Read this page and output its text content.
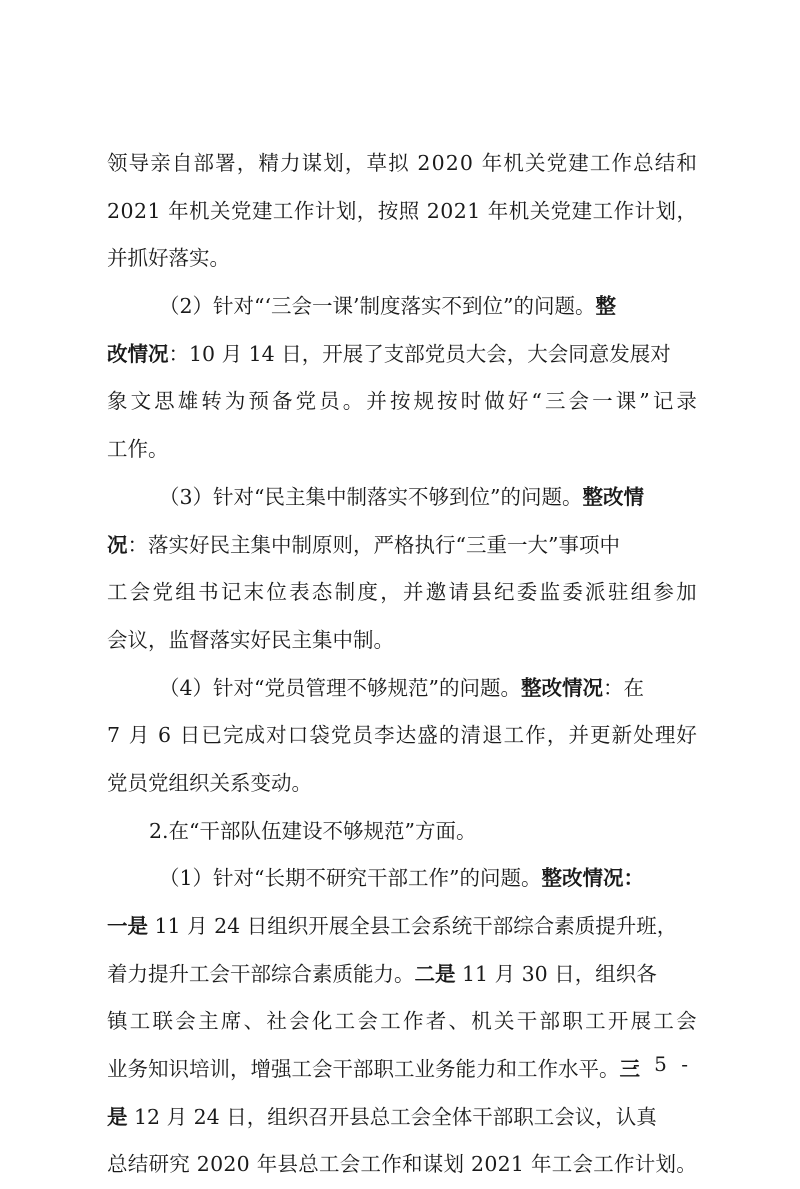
领 导 亲 自 部 署 ， 精 力 谋 划 ， 草 拟
2 0 2 0
年 机 关 党 建 工 作 总 结 和
2 0 2 1
年 机 关 党 建 工 作 计 划 ， 按 照
2 0 2 1
年 机 关 党 建 工 作 计 划 ，
并抓好落实。
（2）针对“‘三会一课’制度落实不到位”的问题。 整
改情况 ：10 月 14 日，开展了支部党员大会，大会同意发展对
象 文 思 雄 转 为 预 备 党 员 。 并 按 规 按 时 做 好 “ 三 会 一 课 ” 记 录
工作。
（3）针对“民主集中制落实不够到位”的问题。 整改情
况 ：落实好民主集中制原则，严格执行“三重一大”事项中
工 会 党 组 书 记 末 位 表 态 制 度 ， 并 邀 请 县 纪 委 监 委 派 驻 组 参 加
会议，监督落实好民主集中制。
（4）针对“党员管理不够规范”的问题。 整改情况 ：在
7
月
6
日 已 完 成 对 口 袋 党 员 李 达 盛 的 清 退 工 作 ， 并 更 新 处 理 好
党员党组织关系变动。
2.在“干部队伍建设不够规范”方面。
（1）针对“长期不研究干部工作”的问题。 整改情况：
一是 11 月 24 日组织开展全县工会系统干部综合素质提升班，
着力提升工会干部综合素质能力。 二是 11 月 30 日，组织各
镇 工 联 会 主 席 、 社 会 化 工 会 工 作 者 、 机 关 干 部 职 工 开 展 工 会
业务知识培训，增强工会干部职工业务能力和工作水平。 三
是 12 月 24 日，组织召开县总工会全体干部职工会议，认真
总 结 研 究
2 0 2 0
年 县 总 工 会 工 作 和 谋 划
2 0 2 1
年 工 会 工 作 计 划 。
- 5 -
